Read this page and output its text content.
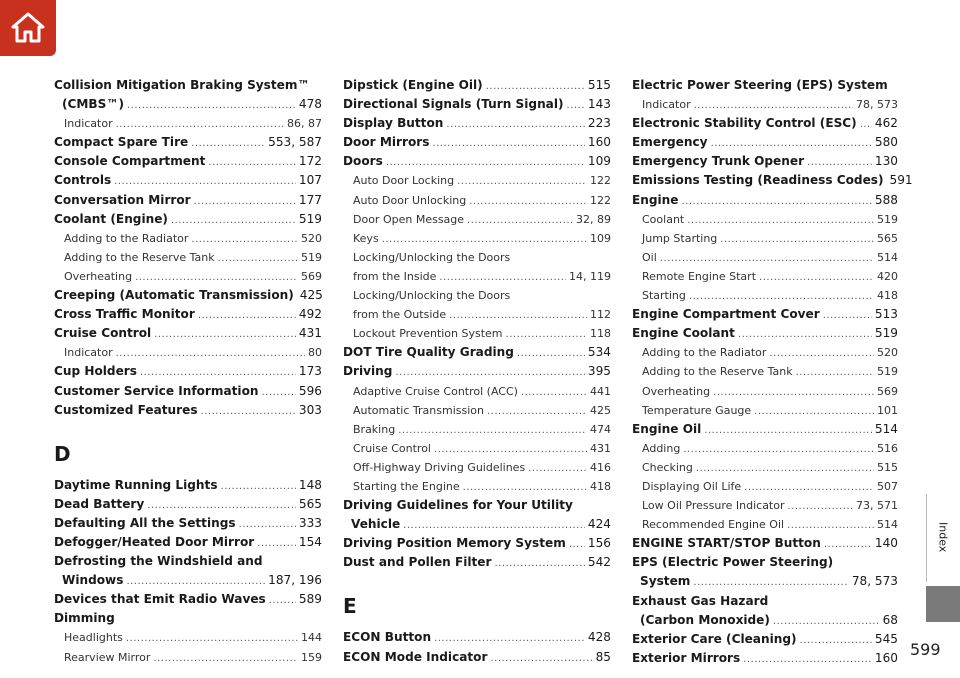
Collision Mitigation Braking System™
(CMBS™) .....	478
Indicator .....	86, 87
Compact Spare Tire .....	553, 587
Console Compartment .....	172
Controls .....	107
Conversation Mirror .....	177
Coolant (Engine) .....	519
Adding to the Radiator .....	520
Adding to the Reserve Tank .....	519
Overheating .....	569
Creeping (Automatic Transmission) 425
Cross Traffic Monitor .....	492
Cruise Control .....	431
Indicator .....	80
Cup Holders .....	173
Customer Service Information .....	596
Customized Features .....	303
D
Daytime Running Lights .....	148
Dead Battery .....	565
Defaulting All the Settings .....	333
Defogger/Heated Door Mirror .....	154
Defrosting the Windshield and
Windows .....	187, 196
Devices that Emit Radio Waves .....	589
Dimming
Headlights .....	144
Rearview Mirror .....	159
Dipstick (Engine Oil) .....	515
Directional Signals (Turn Signal) ..... 143
Display Button .....	223
Door Mirrors .....	160
Doors .....	109
Auto Door Locking .....	122
Auto Door Unlocking .....	122
Door Open Message .....	32, 89
Keys .....	109
Locking/Unlocking the Doors
from the Inside .....	14, 119
Locking/Unlocking the Doors
from the Outside .....	112
Lockout Prevention System .....	118
DOT Tire Quality Grading .....	534
Driving .....	395
Adaptive Cruise Control (ACC) .....	441
Automatic Transmission .....	425
Braking .....	474
Cruise Control .....	431
Off-Highway Driving Guidelines .....	416
Starting the Engine .....	418
Driving Guidelines for Your Utility
Vehicle .....	424
Driving Position Memory System ..... 156
Dust and Pollen Filter .....	542
E
ECON Button .....	428
ECON Mode Indicator .....	85
Electric Power Steering (EPS) System
Indicator .....	78, 573
Electronic Stability Control (ESC) ..... 462
Emergency .....	580
Emergency Trunk Opener .....	130
Emissions Testing (Readiness Codes) 591
Engine .....	588
Coolant .....	519
Jump Starting .....	565
Oil .....	514
Remote Engine Start .....	420
Starting .....	418
Engine Compartment Cover .....	513
Engine Coolant .....	519
Adding to the Radiator .....	520
Adding to the Reserve Tank .....	519
Overheating .....	569
Temperature Gauge .....	101
Engine Oil .....	514
Adding .....	516
Checking .....	515
Displaying Oil Life .....	507
Low Oil Pressure Indicator .....	73, 571
Recommended Engine Oil .....	514
ENGINE START/STOP Button .....	140
EPS (Electric Power Steering)
System .....	78, 573
Exhaust Gas Hazard
(Carbon Monoxide) .....	68
Exterior Care (Cleaning) .....	545
Exterior Mirrors .....	160
Index
599
